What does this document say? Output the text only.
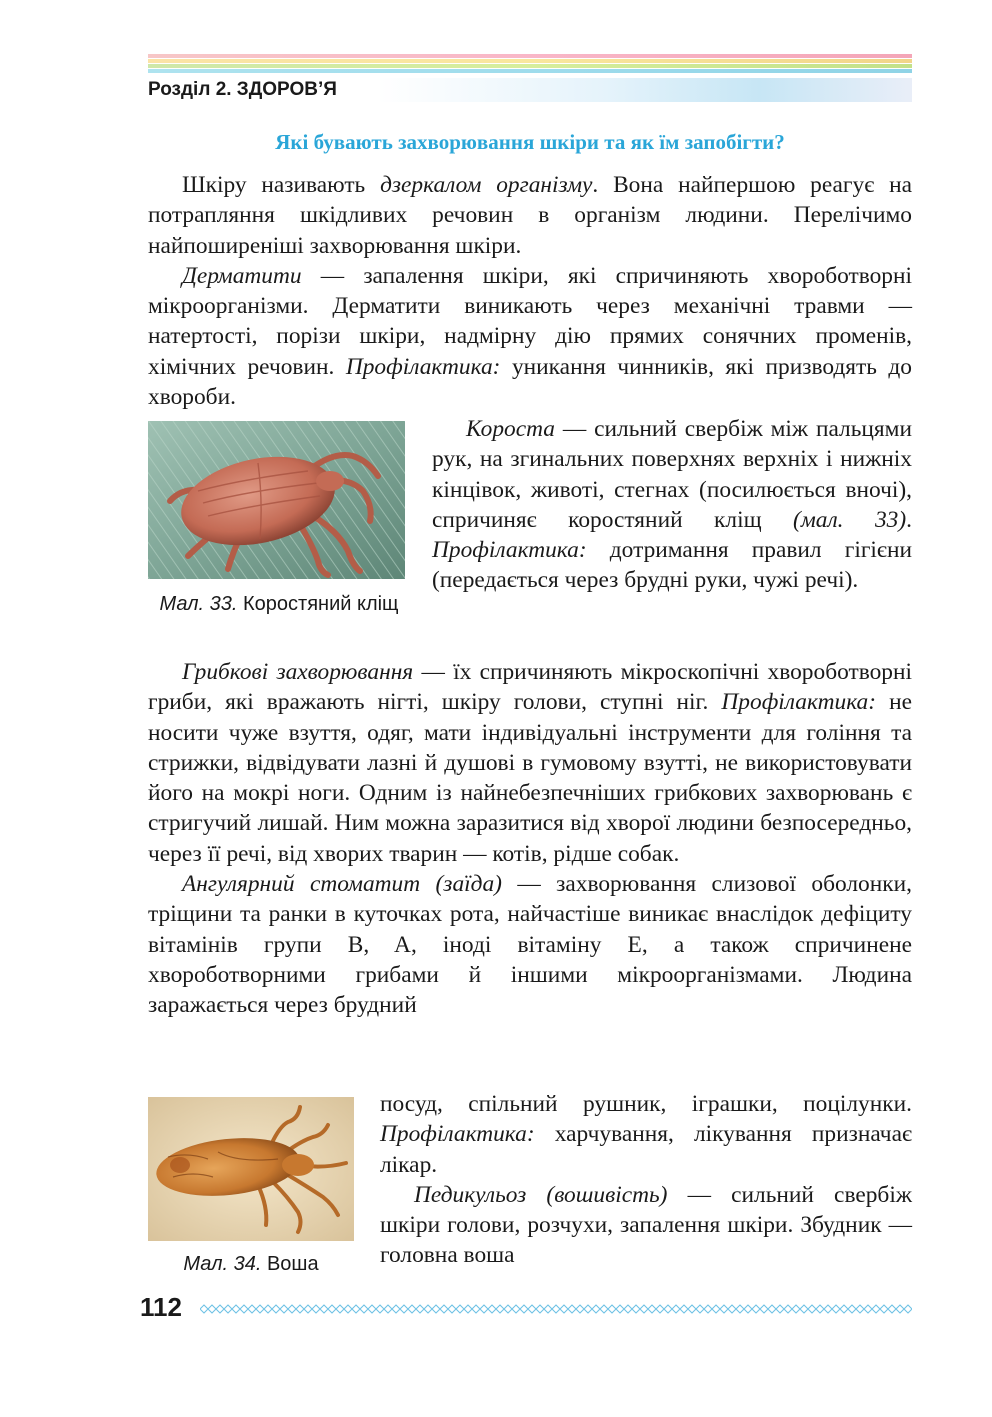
Розділ 2. ЗДОРОВ’Я
Які бувають захворювання шкіри та як їм запобігти?

Шкіру називають дзеркалом організму. Вона найпершою реагує на потрапляння шкідливих речовин в організм людини. Перелічимо найпоширеніші захворювання шкіри.

Дерматити — запалення шкіри, які спричиняють хвороботворні мікроорганізми. Дерматити виникають через механічні травми — натертості, порізи шкіри, надмірну дію прямих сонячних променів, хімічних речовин. Профілактика: уникання чинників, які призводять до хвороби.

Мал. 33. Коростяний кліщ

Короста — сильний свербіж між пальцями рук, на згинальних поверхнях верхніх і нижніх кінцівок, животі, стегнах (посилюється вночі), спричиняє коростяний кліщ (мал. 33). Профілактика: дотримання правил гігієни (передається через брудні руки, чужі речі).

Грибкові захворювання — їх спричиняють мікроскопічні хвороботворні гриби, які вражають нігті, шкіру голови, ступні ніг. Профілактика: не носити чуже взуття, одяг, мати індивідуальні інструменти для гоління та стрижки, відвідувати лазні й душові в гумовому взутті, не використовувати його на мокрі ноги. Одним із найнебезпечніших грибкових захворювань є стригучий лишай. Ним можна заразитися від хворої людини безпосередньо, через її речі, від хворих тварин — котів, рідше собак.

Ангулярний стоматит (заїда) — захворювання слизової оболонки, тріщини та ранки в куточках рота, найчастіше виникає внаслідок дефіциту вітамінів групи B, A, іноді вітаміну E, а також спричинене хвороботворними грибами й іншими мікроорганізмами. Людина заражається через брудний

Мал. 34. Воша

посуд, спільний рушник, іграшки, поцілунки. Профілактика: харчування, лікування призначає лікар.

Педикульоз (вошивість) — сильний свербіж шкіри голови, розчухи, запалення шкіри. Збудник — головна воша

112
